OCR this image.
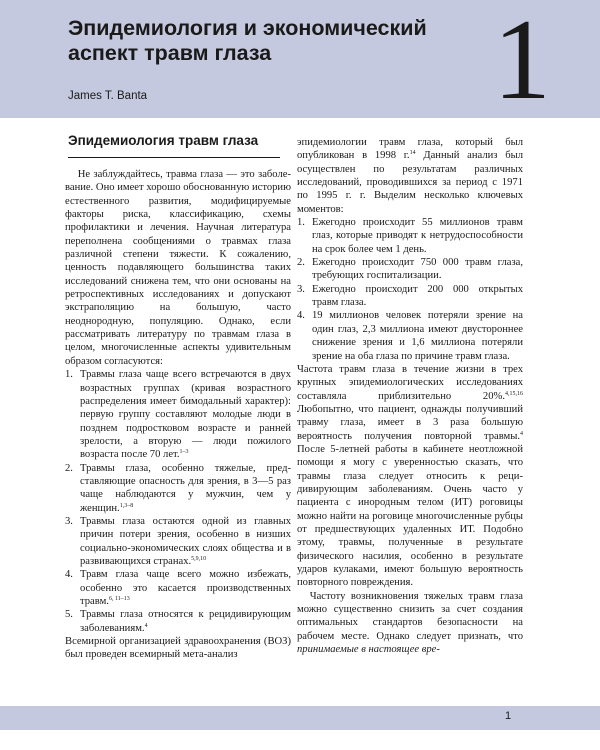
Эпидемиология и экономический аспект травм глаза
James T. Banta	1
Эпидемиология травм глаза

Не заблуждайтесь, травма глаза — это заболевание. Оно имеет хорошо обоснованную историю естественного развития, модифицируемые факторы риска, классификацию, схемы профилактики и лечения. Научная литература переполнена сообщениями о травмах глаза различной степени тяжести. К сожалению, ценность подавляющего большинства таких исследований снижена тем, что они основаны на ретроспективных исследованиях и допускают экстраполяцию на большую, часто неоднородную, популяцию. Однако, если рассматривать литературу по травмам глаза в целом, многочисленные аспекты удивительным образом согласуются:

1. Травмы глаза чаще всего встречаются в двух возрастных группах (кривая возрастного распределения имеет бимодальный характер): первую группу составляют молодые люди в позднем подростковом возрасте и ранней зрелости, а вторую — люди пожилого возраста после 70 лет.$^{1-3}$
2. Травмы глаза, особенно тяжелые, представляющие опасность для зрения, в 3—5 раз чаще наблюдаются у мужчин, чем у женщин.$^{1,3-8}$
3. Травмы глаза остаются одной из главных причин потери зрения, особенно в низших социально-экономических слоях общества и в развивающихся странах.$^{5,9,10}$
4. Травм глаза чаще всего можно избежать, особенно это касается производственных травм.$^{6, 11-13}$
5. Травмы глаза относятся к рецидивирующим заболеваниям.$^4$

Всемирной организацией здравоохранения (ВОЗ) был проведен всемирный мета-анализ

эпидемиологии травм глаза, который был опубликован в 1998 г.$^{14}$ Данный анализ был осуществлен по результатам различных исследований, проводившихся за период с 1971 по 1995 г. г. Выделим несколько ключевых моментов:

1. Ежегодно происходит 55 миллионов травм глаз, которые приводят к нетрудоспособности на срок более чем 1 день.
2. Ежегодно происходит 750 000 травм глаза, требующих госпитализации.
3. Ежегодно происходит 200 000 открытых травм глаза.
4. 19 миллионов человек потеряли зрение на один глаз, 2,3 миллиона имеют двустороннее снижение зрения и 1,6 миллиона потеряли зрение на оба глаза по причине травм глаза.

Частота травм глаза в течение жизни в трех крупных эпидемиологических исследованиях составляла приблизительно 20%.$^{4,15,16}$ Любопытно, что пациент, однажды получивший травму глаза, имеет в 3 раза большую вероятность получения повторной травмы.$^4$ После 5-летней работы в кабинете неотложной помощи я могу с уверенностью сказать, что травмы глаза следует относить к рецидивирующим заболеваниям. Очень часто у пациента с инородным телом (ИТ) роговицы можно найти на роговице многочисленные рубцы от предшествующих удаленных ИТ. Подобно этому, травмы, полученные в результате физического насилия, особенно в результате ударов кулаками, имеют большую вероятность повторного повреждения.

Частоту возникновения тяжелых травм глаза можно существенно снизить за счет создания оптимальных стандартов безопасности на рабочем месте. Однако следует признать, что принимаемые в настоящее вре-

1
